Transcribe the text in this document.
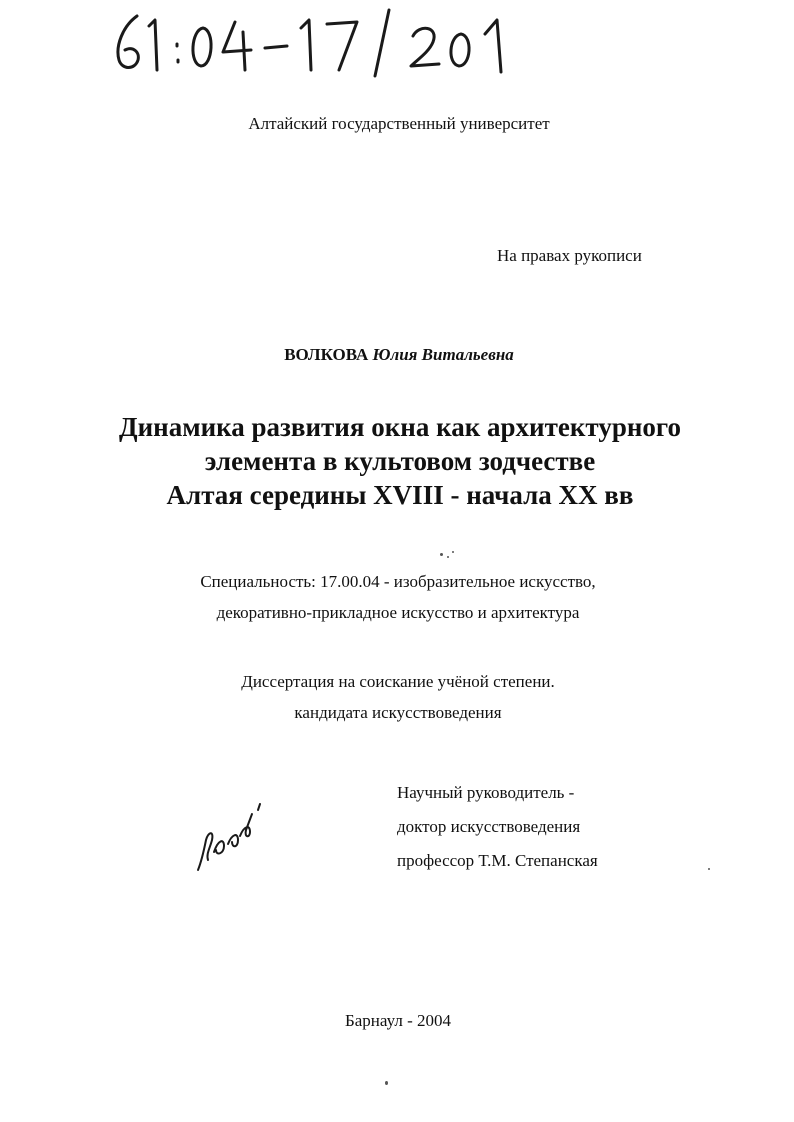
Алтайский государственный университет
На правах рукописи
ВОЛКОВА Юлия Витальевна
Динамика развития окна как архитектурного
элемента в культовом зодчестве
Алтая середины XVIII - начала XX вв
Специальность: 17.00.04 - изобразительное искусство,
декоративно-прикладное искусство и архитектура
Диссертация на соискание учёной степени.
кандидата искусствоведения
Научный руководитель -
доктор искусствоведения
профессор Т.М. Степанская
Барнаул - 2004
